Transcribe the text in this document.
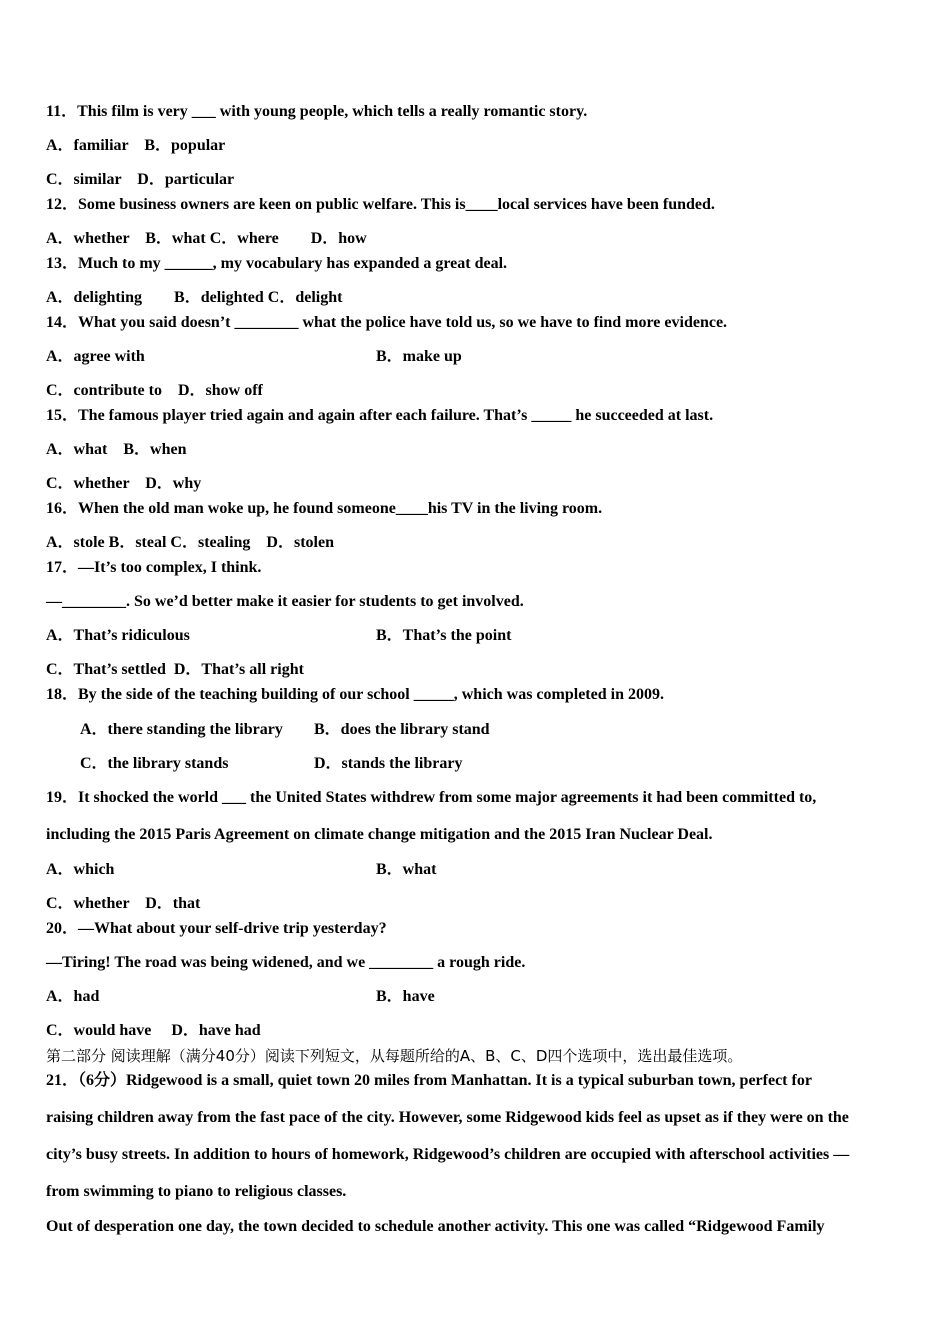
11．This film is very ___ with young people, which tells a really romantic story.
A．familiar　B．popular
C．similar　D．particular
12．Some business owners are keen on public welfare. This is____local services have been funded.
A．whether　B．what C．where　　D．how
13．Much to my ______, my vocabulary has expanded a great deal.
A．delighting　　B．delighted C．delight
14．What you said doesn’t ________ what the police have told us, so we have to find more evidence.
A．agree with	B．make up
C．contribute to　D．show off
15．The famous player tried again and again after each failure. That’s _____ he succeeded at last.
A．what　B．when
C．whether　D．why
16．When the old man woke up, he found someone____his TV in the living room.
A．stole B．steal C．stealing　D．stolen
17．—It’s too complex, I think.
—________. So we’d better make it easier for students to get involved.
A．That’s ridiculous	B．That’s the point
C．That’s settled  D．That’s all right
18．By the side of the teaching building of our school _____, which was completed in 2009.
A．there standing the library B．does the library stand
C．the library stands	D．stands the library
19．It shocked the world ___ the United States withdrew from some major agreements it had been committed to,
including the 2015 Paris Agreement on climate change mitigation and the 2015 Iran Nuclear Deal.
A．which	B．what
C．whether　D．that
20．—What about your self-drive trip yesterday?
—Tiring! The road was being widened, and we ________ a rough ride.
A．had	B．have
C．would have　 D．have had
第二部分 阅读理解（满分40分）阅读下列短文，从每题所给的A、B、C、D四个选项中，选出最佳选项。
21．（6分）Ridgewood is a small, quiet town 20 miles from Manhattan. It is a typical suburban town, perfect for
raising children away from the fast pace of the city. However, some Ridgewood kids feel as upset as if they were on the
city’s busy streets. In addition to hours of homework, Ridgewood’s children are occupied with afterschool activities —
from swimming to piano to religious classes.
Out of desperation one day, the town decided to schedule another activity. This one was called “Ridgewood Family
